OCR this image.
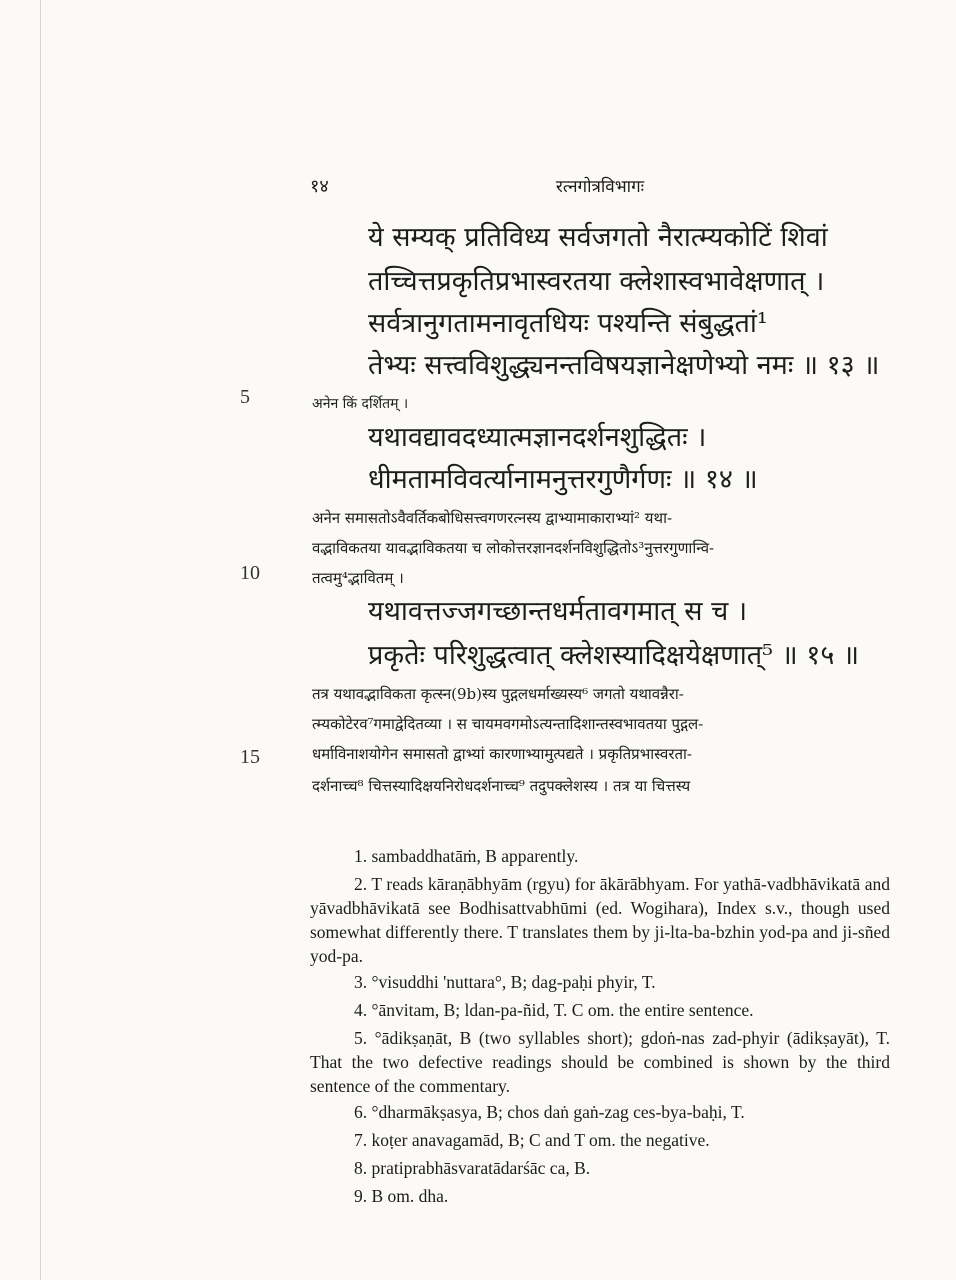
१४	रत्नगोत्रविभागः
5
10
15
ये सम्यक् प्रतिविध्य सर्वजगतो नैरात्म्यकोटिं शिवां
तच्चित्तप्रकृतिप्रभास्वरतया क्लेशास्वभावेक्षणात् ।
सर्वत्रानुगतामनावृतधियः पश्यन्ति संबुद्धतां¹
तेभ्यः सत्त्वविशुद्ध्यनन्तविषयज्ञानेक्षणेभ्यो नमः ॥ १३ ॥
अनेन किं दर्शितम् ।
यथावद्यावदध्यात्मज्ञानदर्शनशुद्धितः ।
धीमतामविवर्त्यानामनुत्तरगुणैर्गणः ॥ १४ ॥
अनेन समासतोऽवैवर्तिकबोधिसत्त्वगणरत्नस्य द्वाभ्यामाकाराभ्यां² यथा-
वद्भाविकतया यावद्भाविकतया च लोकोत्तरज्ञानदर्शनविशुद्धितोऽ³नुत्तरगुणान्वि-
तत्वमु⁴द्भावितम् ।
यथावत्तज्जगच्छान्तधर्मतावगमात् स च ।
प्रकृतेः परिशुद्धत्वात् क्लेशस्यादिक्षयेक्षणात्⁵ ॥ १५ ॥
तत्र यथावद्भाविकता कृत्स्न(9b)स्य पुद्गलधर्माख्यस्य⁶ जगतो यथावन्नैरा-
त्म्यकोटेरव⁷गमाद्वेदितव्या । स चायमवगमोऽत्यन्तादिशान्तस्वभावतया पुद्गल-
धर्माविनाशयोगेन समासतो द्वाभ्यां कारणाभ्यामुत्पद्यते । प्रकृतिप्रभास्वरता-
दर्शनाच्च⁸ चित्तस्यादिक्षयनिरोधदर्शनाच्च⁹ तदुपक्लेशस्य । तत्र या चित्तस्य
1. sambaddhatāṁ, B apparently.
2. T reads kāraṇābhyām (rgyu) for ākārābhyam. For yathā-vadbhāvikatā and yāvadbhāvikatā see Bodhisattvabhūmi (ed. Wogihara), Index s.v., though used somewhat differently there. T translates them by ji-lta-ba-bzhin yod-pa and ji-sñed yod-pa.
3. °visuddhi 'nuttara°, B; dag-paḥi phyir, T.
4. °ānvitam, B; ldan-pa-ñid, T. C om. the entire sentence.
5. °ādikṣaṇāt, B (two syllables short); gdoṅ-nas zad-phyir (ādikṣayāt), T. That the two defective readings should be combined is shown by the third sentence of the commentary.
6. °dharmākṣasya, B; chos daṅ gaṅ-zag ces-bya-baḥi, T.
7. koṭer anavagamād, B; C and T om. the negative.
8. pratiprabhāsvaratādarśāc ca, B.
9. B om. dha.
